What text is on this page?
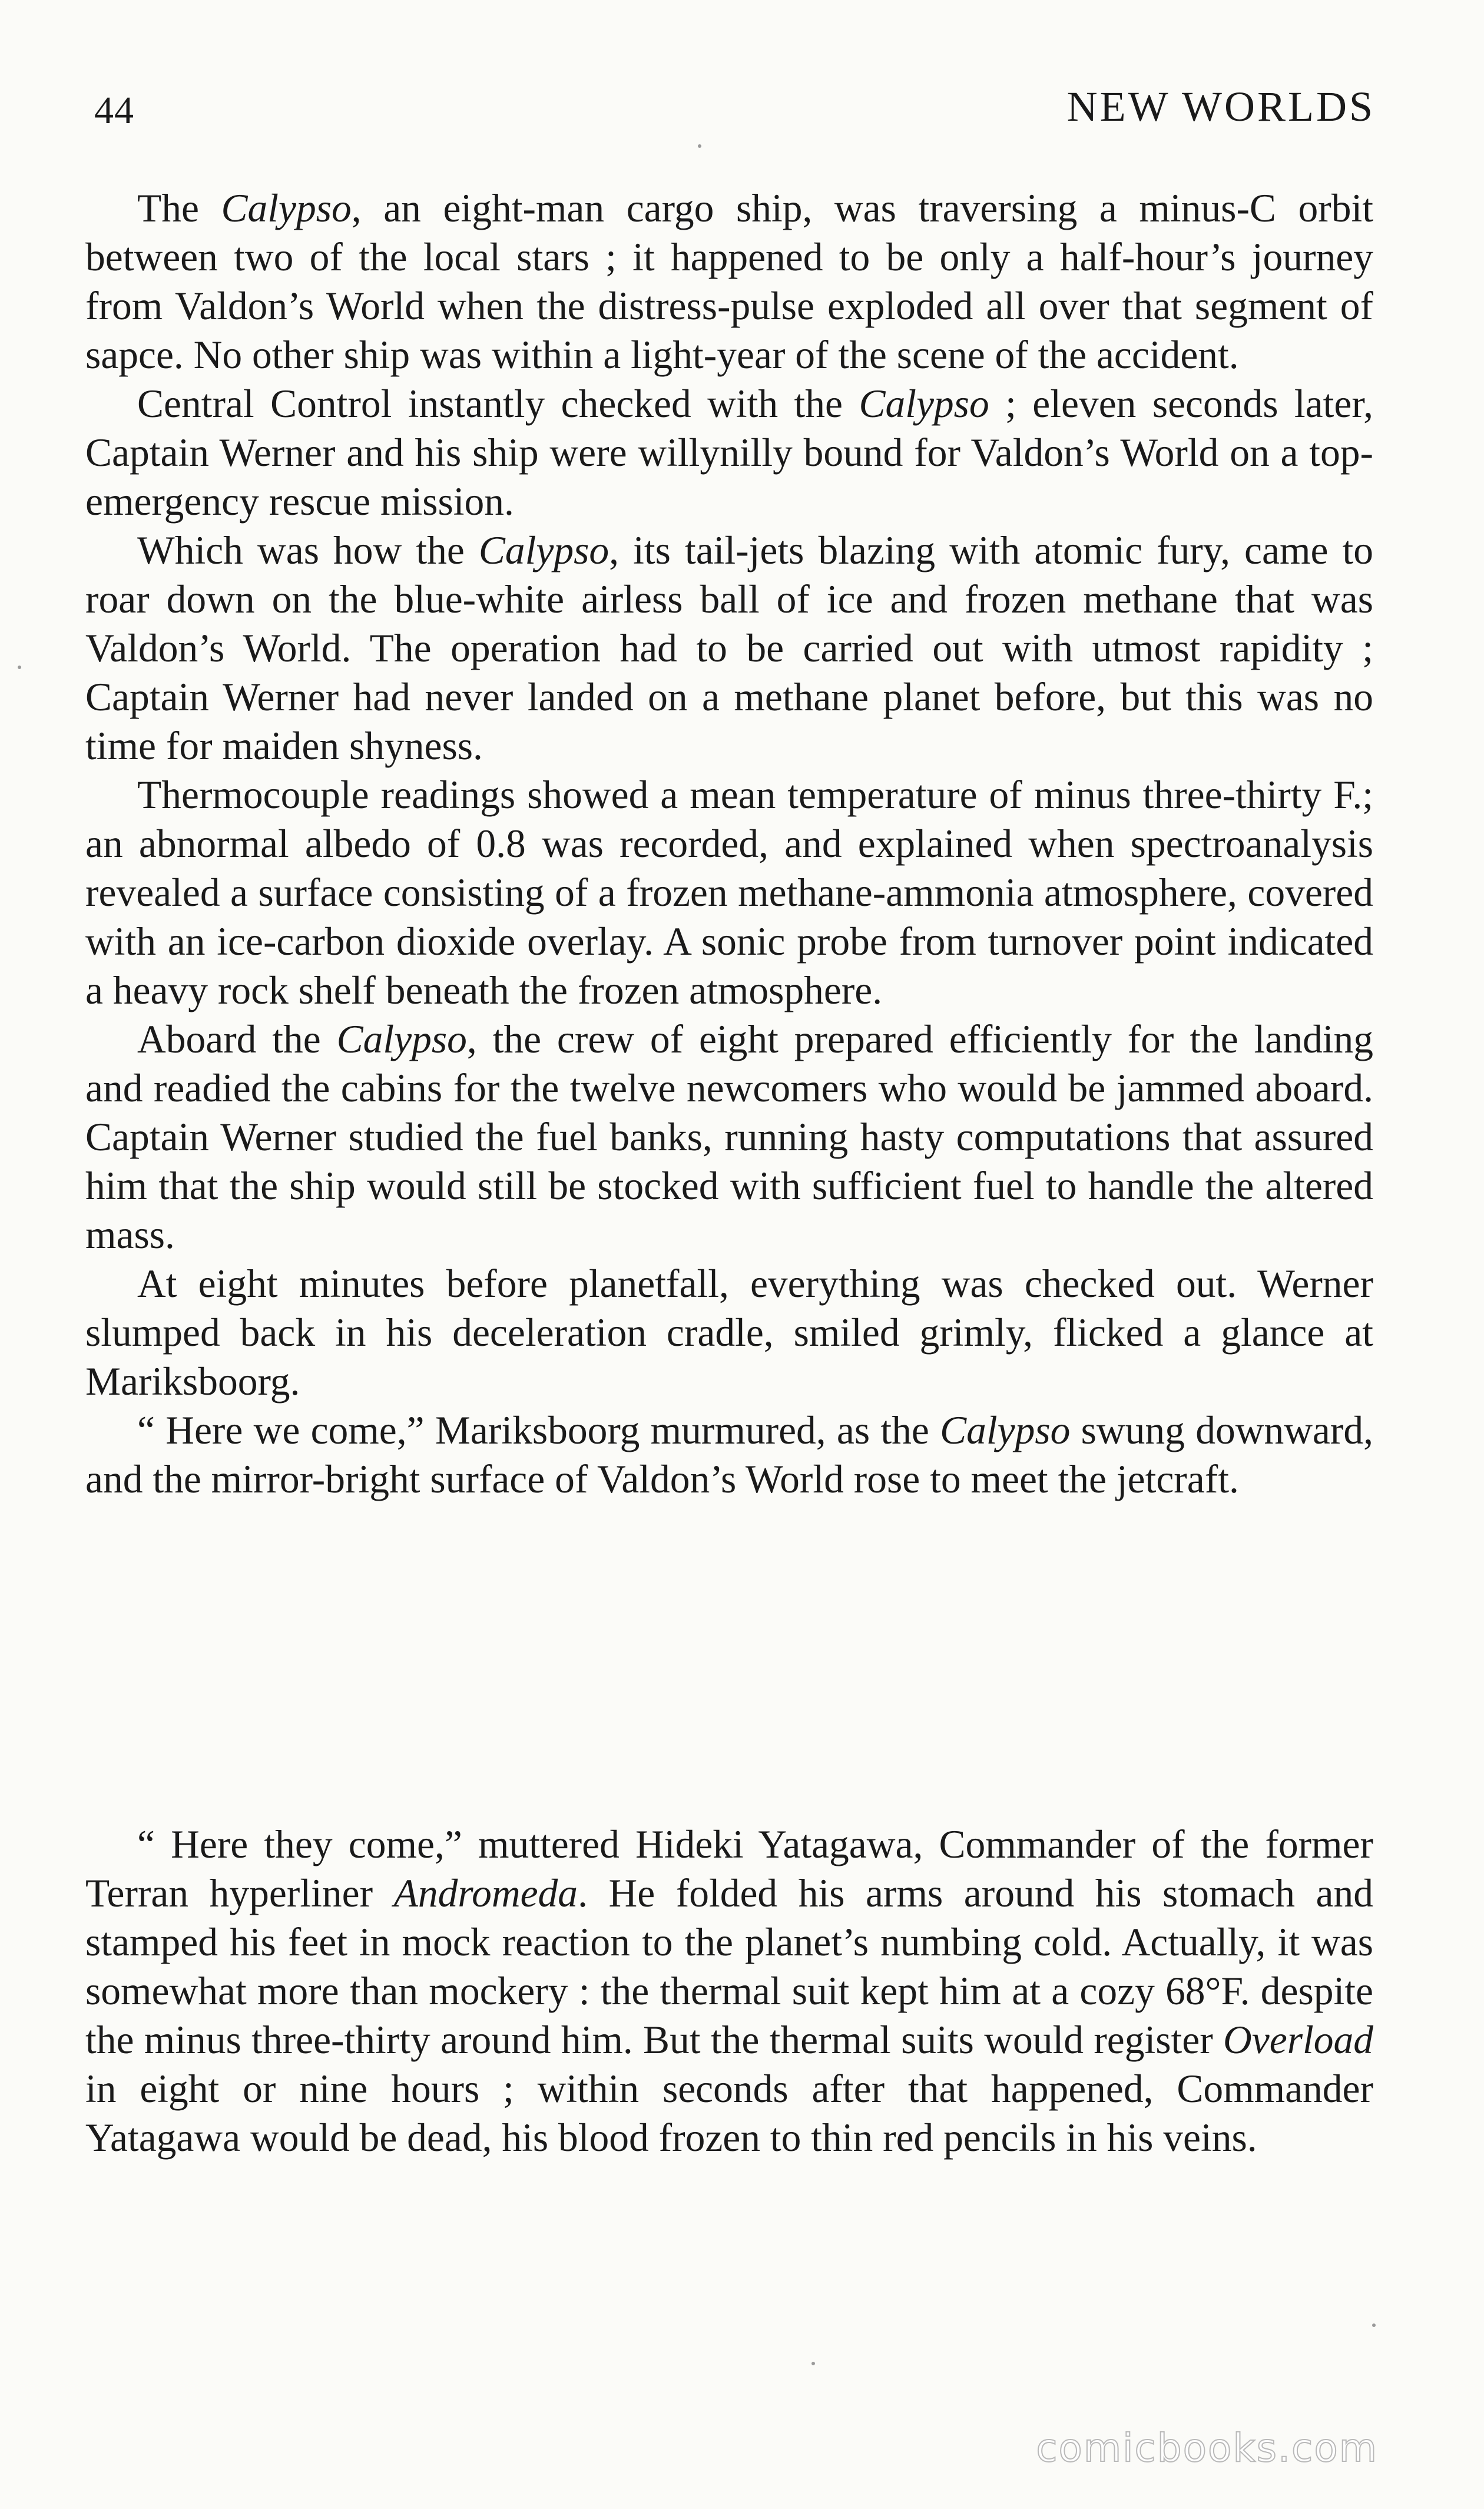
44	NEW WORLDS

The Calypso, an eight-man cargo ship, was traversing a minus-C orbit between two of the local stars ; it happened to be only a half-hour’s journey from Valdon’s World when the distress-pulse exploded all over that segment of sapce. No other ship was within a light-year of the scene of the accident.

Central Control instantly checked with the Calypso ; eleven seconds later, Captain Werner and his ship were willynilly bound for Valdon’s World on a top-emergency rescue mission.

Which was how the Calypso, its tail-jets blazing with atomic fury, came to roar down on the blue-white airless ball of ice and frozen methane that was Valdon’s World. The operation had to be carried out with utmost rapidity ; Captain Werner had never landed on a methane planet before, but this was no time for maiden shyness.

Thermocouple readings showed a mean temperature of minus three-thirty F.; an abnormal albedo of 0.8 was recorded, and explained when spectroanalysis revealed a surface consisting of a frozen methane-ammonia atmosphere, covered with an ice-carbon dioxide overlay. A sonic probe from turnover point indicated a heavy rock shelf beneath the frozen atmosphere.

Aboard the Calypso, the crew of eight prepared efficiently for the landing and readied the cabins for the twelve newcomers who would be jammed aboard. Captain Werner studied the fuel banks, running hasty computations that assured him that the ship would still be stocked with sufficient fuel to handle the altered mass.

At eight minutes before planetfall, everything was checked out. Werner slumped back in his deceleration cradle, smiled grimly, flicked a glance at Mariksboorg.

“ Here we come,” Mariksboorg murmured, as the Calypso swung downward, and the mirror-bright surface of Valdon’s World rose to meet the jetcraft.

“ Here they come,” muttered Hideki Yatagawa, Commander of the former Terran hyperliner Andromeda. He folded his arms around his stomach and stamped his feet in mock reaction to the planet’s numbing cold. Actually, it was somewhat more than mockery : the thermal suit kept him at a cozy 68°F. despite the minus three-thirty around him. But the thermal suits would register Overload in eight or nine hours ; within seconds after that happened, Commander Yatagawa would be dead, his blood frozen to thin red pencils in his veins.

comicbooks.com
